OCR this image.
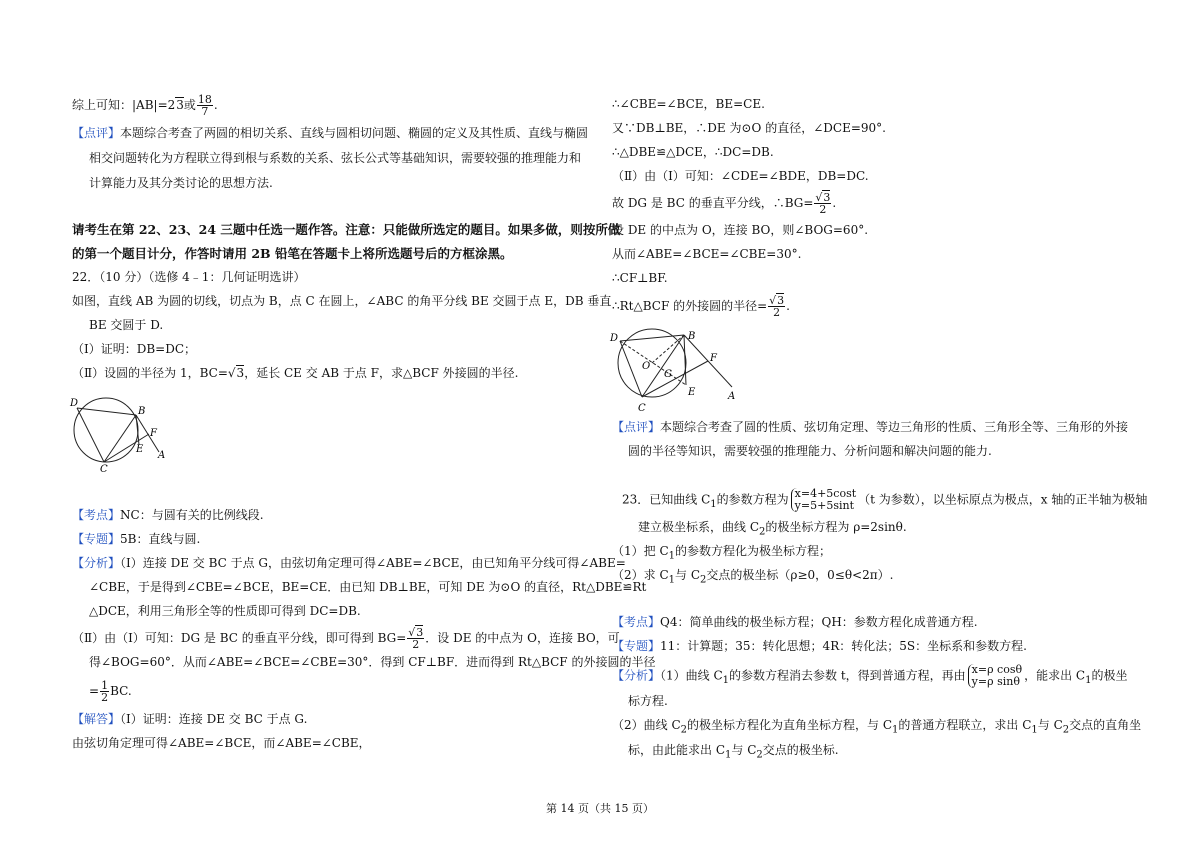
综上可知：|AB|=23或 $\frac{18}{7}$ .
【点评】本题综合考查了两圆的相切关系、直线与圆相切问题、椭圆的定义及其性质、直线与椭圆
相交问题转化为方程联立得到根与系数的关系、弦长公式等基础知识，需要较强的推理能力和
计算能力及其分类讨论的思想方法.
请考生在第 22、23、24 三题中任选一题作答。注意：只能做所选定的题目。如果多做，则按所做
的第一个题目计分，作答时请用 2B 铅笔在答题卡上将所选题号后的方框涂黑。
22．（10 分）（选修 4﹣1：几何证明选讲）
如图，直线 AB 为圆的切线，切点为 B，点 C 在圆上，∠ABC 的角平分线 BE 交圆于点 E，DB 垂直
BE 交圆于 D.
（Ⅰ）证明：DB=DC；
（Ⅱ）设圆的半径为 1，BC=√3，延长 CE 交 AB 于点 F，求△BCF 外接圆的半径.
D
B
C
E
F
A
【考点】NC：与圆有关的比例线段.
【专题】5B：直线与圆.
【分析】（Ⅰ）连接 DE 交 BC 于点 G，由弦切角定理可得∠ABE=∠BCE，由已知角平分线可得∠ABE=
∠CBE，于是得到∠CBE=∠BCE，BE=CE．由已知 DB⊥BE，可知 DE 为⊙O 的直径，Rt△DBE≌Rt
△DCE，利用三角形全等的性质即可得到 DC=DB.
（Ⅱ）由（Ⅰ）可知：DG 是 BC 的垂直平分线，即可得到 $BG= \frac{√3}{2}$ ．设 DE 的中点为 O，连接 BO，可
得∠BOG=60°．从而∠ABE=∠BCE=∠CBE=30°．得到 CF⊥BF．进而得到 Rt△BCF 的外接圆的半径
= $\frac{1}{2}$ BC.
【解答】（Ⅰ）证明：连接 DE 交 BC 于点 G.
由弦切角定理可得∠ABE=∠BCE，而∠ABE=∠CBE，
∴∠CBE=∠BCE，BE=CE.
又∵DB⊥BE，∴DE 为⊙O 的直径，∠DCE=90°.
∴△DBE≌△DCE，∴DC=DB.
（Ⅱ）由（Ⅰ）可知：∠CDE=∠BDE，DB=DC.
故 DG 是 BC 的垂直平分线，∴BG= $\frac{√3}{2}$ .
设 DE 的中点为 O，连接 BO，则∠BOG=60°.
从而∠ABE=∠BCE=∠CBE=30°.
∴CF⊥BF.
∴Rt△BCF 的外接圆的半径= $\frac{√3}{2}$ .
D	B
C
E
F
A
O
G
【点评】本题综合考查了圆的性质、弦切角定理、等边三角形的性质、三角形全等、三角形的外接
圆的半径等知识，需要较强的推理能力、分析问题和解决问题的能力.
23．已知曲线 $C_1$的参数方程为 x=4+5cost
y=5+5sint （t 为参数），以坐标原点为极点，x 轴的正半轴为极轴
建立极坐标系，曲线 $C_2$的极坐标方程为 ρ=2sinθ.
（1）把 $C_1$的参数方程化为极坐标方程；
（2）求 $C_1$与 $C_2$交点的极坐标（ρ≥0，0≤θ<2π）.
【考点】Q4：简单曲线的极坐标方程；QH：参数方程化成普通方程.
【专题】11：计算题；35：转化思想；4R：转化法；5S：坐标系和参数方程.
【分析】（1）曲线 $C_1$的参数方程消去参数 t，得到普通方程，再由 x=ρ cosθ
y=ρ sinθ ，能求出 $C_1$的极坐
标方程.
（2）曲线 $C_2$的极坐标方程化为直角坐标方程，与 $C_1$的普通方程联立，求出 $C_1$与 $C_2$交点的直角坐
标，由此能求出 $C_1$与 $C_2$交点的极坐标.
第 14 页（共 15 页）
